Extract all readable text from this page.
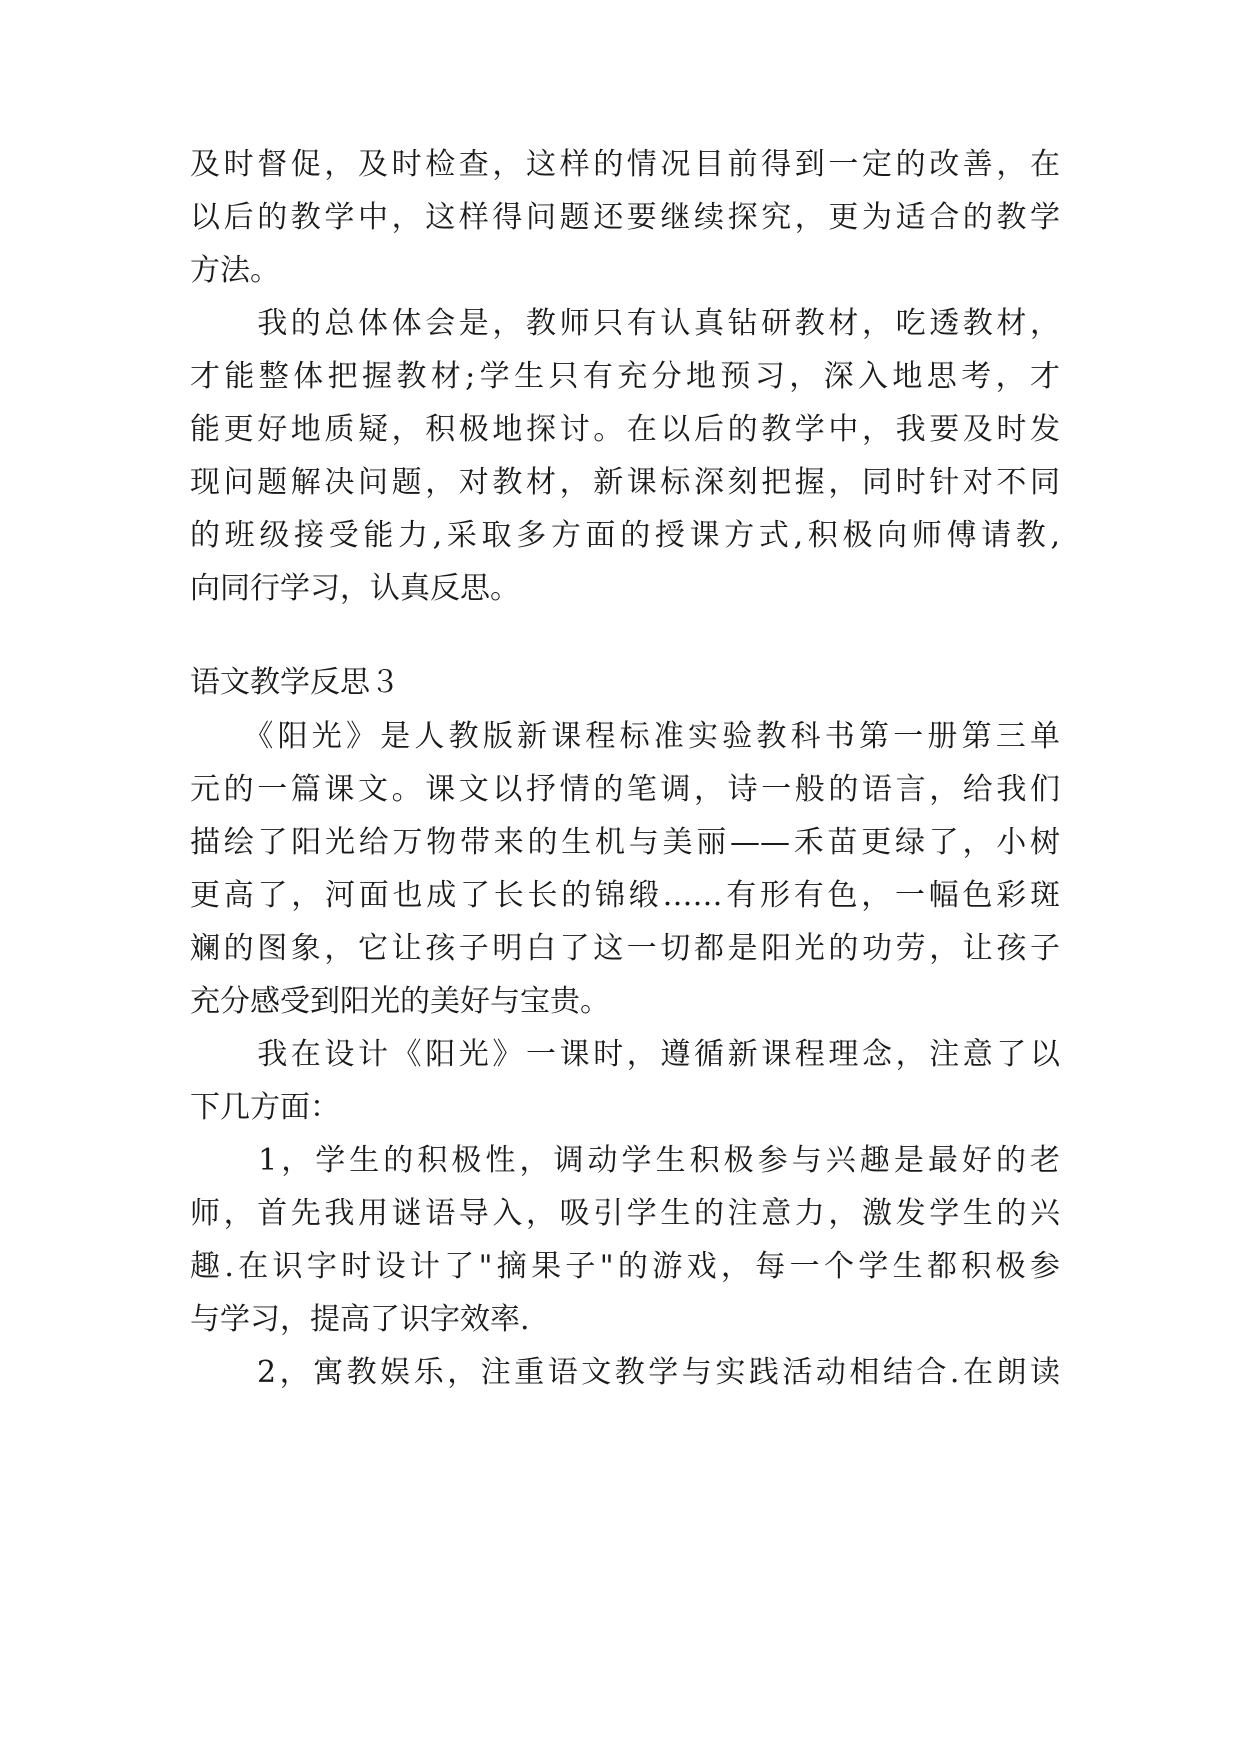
及时督促，及时检查，这样的情况目前得到一定的改善，在
以后的教学中，这样得问题还要继续探究，更为适合的教学
方法。
　　我的总体体会是，教师只有认真钻研教材，吃透教材，
才能整体把握教材;学生只有充分地预习，深入地思考，才
能更好地质疑，积极地探讨。在以后的教学中，我要及时发
现问题解决问题，对教材，新课标深刻把握，同时针对不同
的班级接受能力,采取多方面的授课方式,积极向师傅请教,
向同行学习，认真反思。
语文教学反思３
　　《阳光》是人教版新课程标准实验教科书第一册第三单
元的一篇课文。课文以抒情的笔调，诗一般的语言，给我们
描绘了阳光给万物带来的生机与美丽——禾苗更绿了，小树
更高了，河面也成了长长的锦缎……有形有色，一幅色彩斑
斓的图象，它让孩子明白了这一切都是阳光的功劳，让孩子
充分感受到阳光的美好与宝贵。
　　我在设计《阳光》一课时，遵循新课程理念，注意了以
下几方面：
　　1，学生的积极性，调动学生积极参与兴趣是最好的老
师，首先我用谜语导入，吸引学生的注意力，激发学生的兴
趣.在识字时设计了"摘果子"的游戏，每一个学生都积极参
与学习，提高了识字效率.
　　2，寓教娱乐，注重语文教学与实践活动相结合.在朗读
